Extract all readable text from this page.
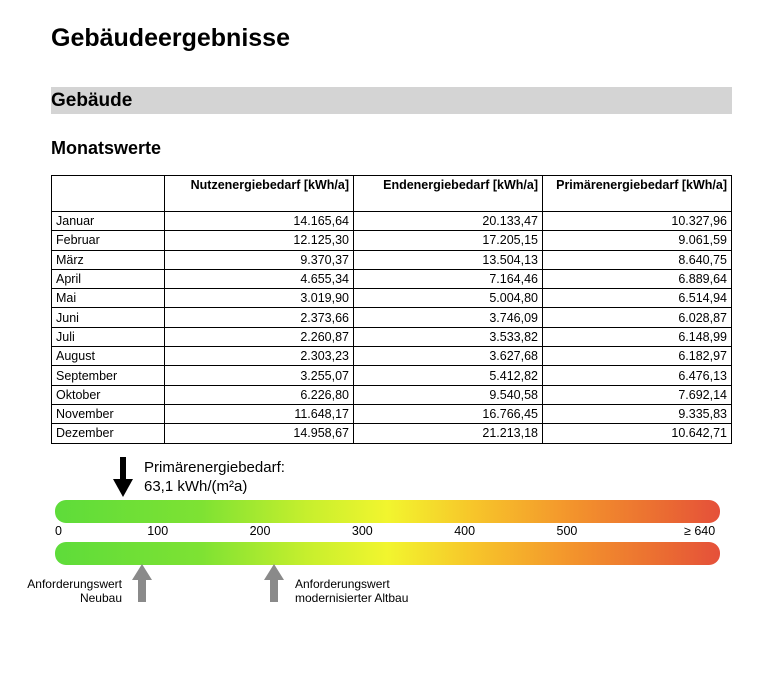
Gebäudeergebnisse
Gebäude
Monatswerte
	Nutzenergiebedarf [kWh/a]	Endenergiebedarf [kWh/a]	Primärenergiebedarf [kWh/a]
Januar	14.165,64	20.133,47	10.327,96
Februar	12.125,30	17.205,15	9.061,59
März	9.370,37	13.504,13	8.640,75
April	4.655,34	7.164,46	6.889,64
Mai	3.019,90	5.004,80	6.514,94
Juni	2.373,66	3.746,09	6.028,87
Juli	2.260,87	3.533,82	6.148,99
August	2.303,23	3.627,68	6.182,97
September	3.255,07	5.412,82	6.476,13
Oktober	6.226,80	9.540,58	7.692,14
November	11.648,17	16.766,45	9.335,83
Dezember	14.958,67	21.213,18	10.642,71
Primärenergiebedarf:
63,1 kWh/(m²a)
0	100	200	300	400	500	≥ 640
Anforderungswert
Neubau
Anforderungswert
modernisierter Altbau
